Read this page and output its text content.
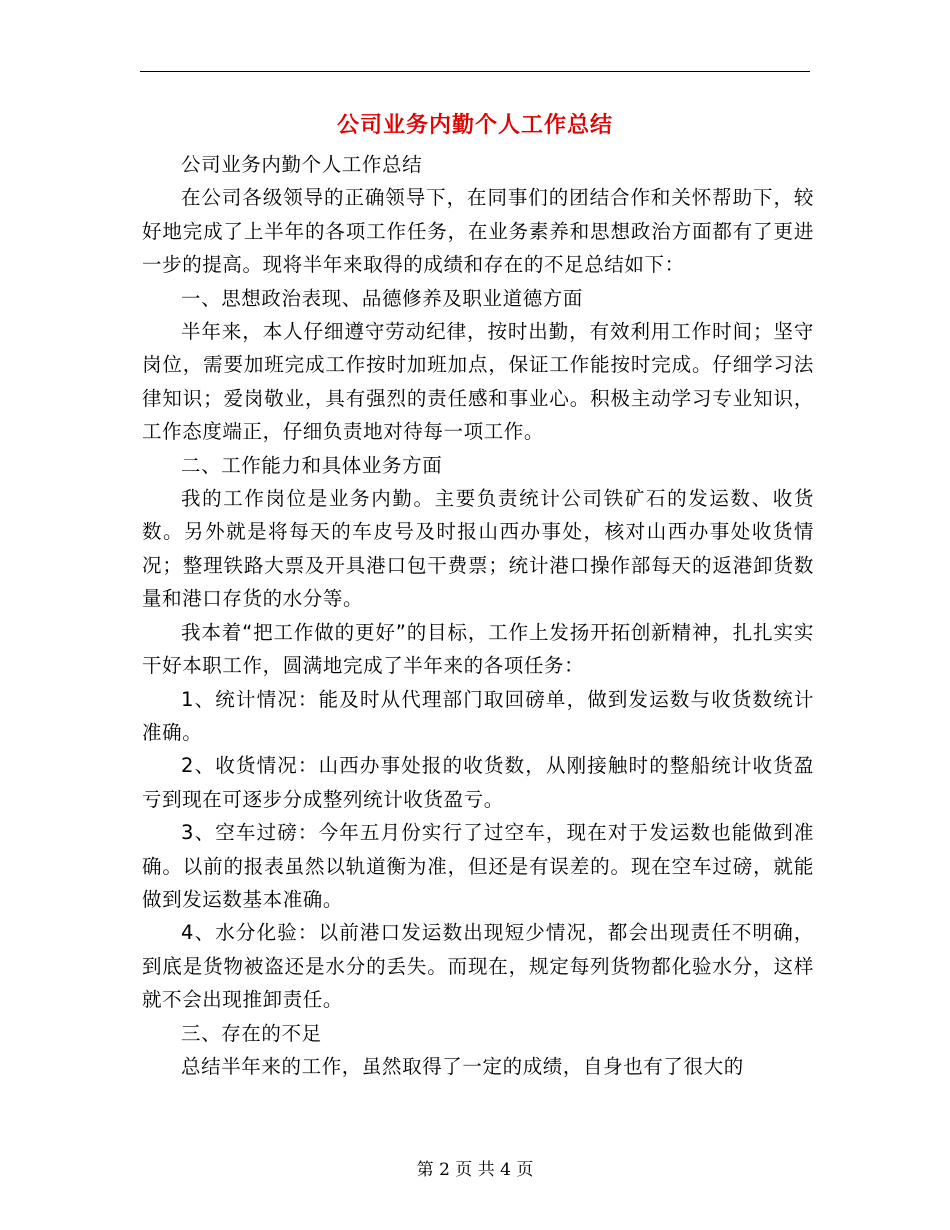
公司业务内勤个人工作总结

公司业务内勤个人工作总结

在公司各级领导的正确领导下，在同事们的团结合作和关怀帮助下，较好地完成了上半年的各项工作任务，在业务素养和思想政治方面都有了更进一步的提高。现将半年来取得的成绩和存在的不足总结如下：

一、思想政治表现、品德修养及职业道德方面

半年来，本人仔细遵守劳动纪律，按时出勤，有效利用工作时间；坚守岗位，需要加班完成工作按时加班加点，保证工作能按时完成。仔细学习法律知识；爱岗敬业，具有强烈的责任感和事业心。积极主动学习专业知识，工作态度端正，仔细负责地对待每一项工作。

二、工作能力和具体业务方面

我的工作岗位是业务内勤。主要负责统计公司铁矿石的发运数、收货数。另外就是将每天的车皮号及时报山西办事处，核对山西办事处收货情况；整理铁路大票及开具港口包干费票；统计港口操作部每天的返港卸货数量和港口存货的水分等。

我本着“把工作做的更好”的目标，工作上发扬开拓创新精神，扎扎实实干好本职工作，圆满地完成了半年来的各项任务：

1、统计情况：能及时从代理部门取回磅单，做到发运数与收货数统计准确。

2、收货情况：山西办事处报的收货数，从刚接触时的整船统计收货盈亏到现在可逐步分成整列统计收货盈亏。

3、空车过磅：今年五月份实行了过空车，现在对于发运数也能做到准确。以前的报表虽然以轨道衡为准，但还是有误差的。现在空车过磅，就能做到发运数基本准确。

4、水分化验：以前港口发运数出现短少情况，都会出现责任不明确，到底是货物被盗还是水分的丢失。而现在，规定每列货物都化验水分，这样就不会出现推卸责任。

三、存在的不足

总结半年来的工作，虽然取得了一定的成绩，自身也有了很大的

第 2 页 共 4 页
